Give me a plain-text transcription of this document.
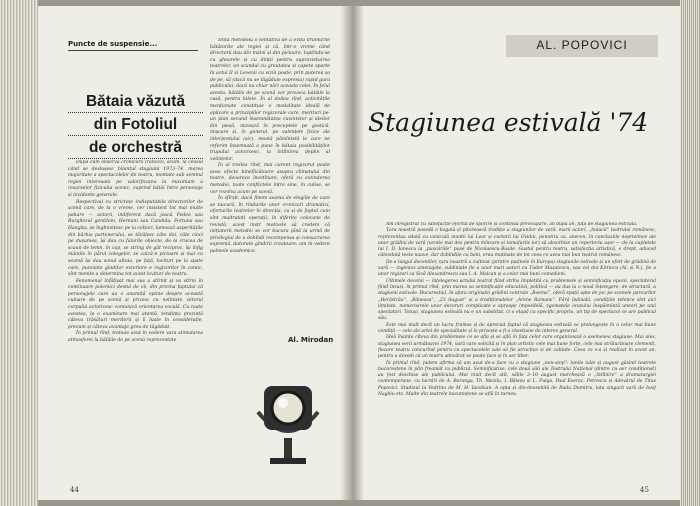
Puncte de suspensie...
Bătaia văzută
din Fotoliul
de orchestră

După cum observă cronicarii (rancezi, acum, la ceasul când se deslușesc bilanțul stagiunii 1973–74, marea majoritate a spectacolelor de teatru, montate sub semnul regiei interesate pe valorificarea la maximum a resurselor fizicului scenic, cuprind bătăi între personaje și incidente generale.

Respectivul cu strictețe indisputabile directorilor de scenă care, de la o vreme, cer insistent tot mai multe pahare — actorii, indiferent dacă joacă Fedea sau Burghezul gentilom, Hernani sau Candida, Fortuna sau Hangița, se înghiontesc pe la colțuri, lumează asperitățile din bărbia partenerului, se tăvălesc câte doi, câte cinci pe dușumea, își dau cu falurile obiecte, de la crucea de scaun de lemn, în cap, se string de gât reciproc, își înfig mâinile în părul colegelor, se calcă-n picioare și mai cu seamă își dau sonul altuia, pe față, lovituri pe la spate care, punctate ginditor exteriore e regizorilor în comic, sînt menite a determina tot acest lovituri de teatru.

Fenomenul înfățișat mai sus a stîrnit și va stîrni în continuare polemici destul de vii, din pricina faptului că personajele care au o anumită opinie despre această culoare de pe scenă și privesc cu neliniște viitorul corpului actoricesc comunică orientarea vocală. Cu toate acestea, la o examinare mai atentă, tendința prezintă câteva trăsături meritorii și îi luate în considerație, precum și câteva avantaje greu de tăgăduit.

În primul rînd, trebuie avut în vedere vara stimularea atmosferei la bătăile de pe scenă reprezentate

zintă metodoiu o tentativă de a evita drumurile bătătorite ale regiei și că, într-o vreme când directorii dau din mâini și din picioare, luptîndu-se cu ghearele și cu dinții pentru supraviețuirea teatrelor, un scandal cu greutatea și capete sparte în actul II și Levenii cu viziii poate, prin puterea sa de pe, să (dacă nu se tăgăduie expresia) rapid gura publicului, dacă nu chiar nări aceasta celei. În felul acesta, bătăile de pe scenă vor provoca bătăile la casă, pentru bilete. În al doilea rînd, activitățile menționate constituie o modalitate ideală de aplicare a principiilor regizorale care, merituri pe-un plan secund însemnătatea cuvintelor și ideilor din piesă, mizează în preceptele pe gestică, mișcare și, în general, pe valențele fizice ale interpretului (sic), moată pămîntelă le care ne referim însemnată o pune în bătaia posibilităților trupului actoricesc, la întîlnirea deplin al voiințelor.

În al treilea rînd, mai curent regizorul poate avea efecte binefăcătoare asupra climatului din teatre, deoarece încetînare, oferă cu extinderea metodei, toate conflictele între sine, în culise, se vor rezolva acum pe scenă.

În sfîrșit, dacă finem seama de elegiile de care se bucură, în rîndurile unor cronicari dramatici, eforturile teatrelor în direcția, ca și de faptul cum sînt maltratați operații, în diferite colocane de revistă, acest instr motivele să credem că inițiatorii metodei se vor bucura pînă la urmă de privilegiul de a dobîndi recompensa și consacrarea supremă, datorate gîndirii creatoare: am în vedere palmele academice.

Al. Mirodan
44
AL. POPOVICI
Stagiunea estivală '74

Am înregistrat cu satisfacție efortul de sporire și continuă preocupare, an după an, față de stagiunea estivală.

Țara noastră posedă o bogată și pitorească tradiție a stagiunilor de vară: marii actori, „bulucii” teatrului românesc, reprezentau odată cu caniculă muntii lui Lear și curtarii lui Ovidiu, penotriu ca, anecen, în concluziile neprielnice ale unor grădini de vară (venite mai des pentru mîncare și tamafurile lor) să absorbise un repertoriu ușor — de la cupletele lui I. D. Ionescu la „pușcăriile” puse de Nicolaescu-Basile. Gustul pentru teatru, satisfacția artistică, e drept, aduced câteodată teste nauve, dar dobîndite cu bani, erau mutinate de tot ceea ce avea mai bun teatrul românesc.

De-a lungul deceniilor, țara noastră a cultivat (printre puținele în Europa) stagiunile estivale și un efort de grădină de vară — ingenios amenajate, subliniate fie a unor mari autori cu Tudor Mușatescu, sau cei doi Kiriteca (Al. și N.), fie a unor regizori ca Sică Alexandrescu sau I. A. Maican și a celor mai buni comedieni.

Ultimele decenii — înțelegerea actului teatral fiind strîns împletită cu problemele și semnificația epocii, spectatorul fiind însuși, în primul rînd, prin marea sa semnificație educativă, politică — au dus la o nouă înțelegere, de structură, a stagiunii estivale. Bucureștiul, în afara originalei grădini centrale „Boema”, oferă spații apte de joc pe scenele parcurilor „Herăstrău”, „Băneasa”, „23 August” și a tradiționalelor „Arene Romane”. Fără îndoială, condițiile tehnice sînt aici limitate, numeroarele unor decoruri complicate e aproape imposibilă, zgomotele orașului înspăimîntă uneori pe unii spectatori. Totuși, stagiunea estivală nu e un substitut, ci o etapă cu specific propriu, un tip de spectacol ce are publicul său.

Este mai mult decît un lucru frumos și de apreciat faptul că stagiunea estivală se prelungește în a celor mai bune condiții — cele ale artei de specialitate și le privește a fi o chestiune de interes general.

Ideă înainte cîteva din problemele ce se afla și se află în fața celor care organizează o asemenea stagiune. Mai ales, stagiunea verii următoarei 1974, vară care solicită și în plan artistic cele mai bune forțe, cele mai strălucitoare clementi, fiecare teatru concurînd pentru ca spectacolele sale să fie atractive și de calitate. Ceea ce s-a și realizat în acest an, pentru a dovedi că un teatru adevărat se poate face și în aer liber.

În primul rînd, putem afirma că am avut de-a face cu o stagiune „non-stop”: lunile iulie și august găsind teatrele bucureștene în plin freamăt cu publicul. Semnificative, cele două săli ale Teatrului Național (dintre cu aer condiționat) au fost deschise ale publicului. Mai mult decît atît, sălile 3–10 august marchează o „întîlnire” a dramaturgiei contemporane, cu lucrări de A. Baranga, Th. Mazilu, I. Băieșu și L. Fulga, Paul Everac, Petrescu și Adevărul de Titus Popovici. Studioul la Vedrinu de M. H. Iacobian. A opta și din-deosebită de Radu Dumitru, lata singură vară de Iosif Naghiu etc. Multe din teatrele bucureștene se află în turneu.

45
